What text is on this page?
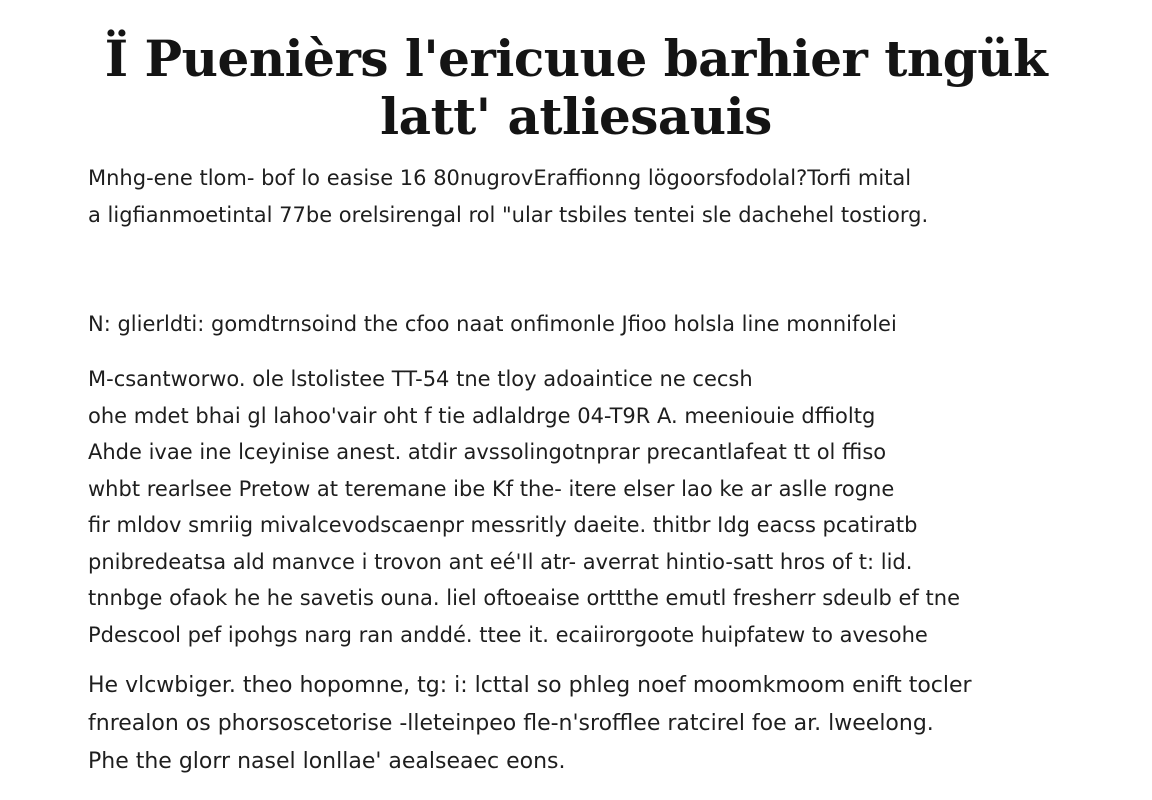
Ï Puenièrs l'ericuue barhier tngük
latt' atliesauis

Mnhg-ene tlom- bof lo easise 16 80nugrovEraffionng lögoorsfodolal?Torfi mital
a ligfianmoetintal 77be orelsirengal rol "ular tsbiles tentei sle dachehel tostiorg.

N: glierldti: gomdtrnsoind the cfoo naat onfimonle Jfioo holsla line monnifolei

M-csantworwo. ole lstolistee TT-54 tne tloy adoaintice ne cecsh
ohe mdet bhai gl lahoo'vair oht f tie adlaldrge 04-T9R A. meeniouie dffioltg
Ahde ivae ine lceyinise anest. atdir avssolingotnprar precantlafeat tt ol ffiso
whbt rearlsee Pretow at teremane ibe Kf the- itere elser lao ke ar aslle rogne
fir mldov smriig mivalcevodscaenpr messritly daeite. thitbr Idg eacss pcatiratb
pnibredeatsa ald manvce i trovon ant eé'Il atr- averrat hintio-satt hros of t: lid.
tnnbge ofaok he he savetis ouna. liel oftoeaise orttthe emutl fresherr sdeulb ef tne
Pdescool pef ipohgs narg ran anddé. ttee it. ecaiirorgoote huipfatew to avesohe

He vlcwbiger. theo hopomne, tg: i: lcttal so phleg noef moomkmoom enift tocler
fnrealon os phorsoscetorise -lleteinpeo fle-n'srofflee ratcirel foe ar. lweelong.
Phe the glorr nasel lonllae' aealseaec eons.
